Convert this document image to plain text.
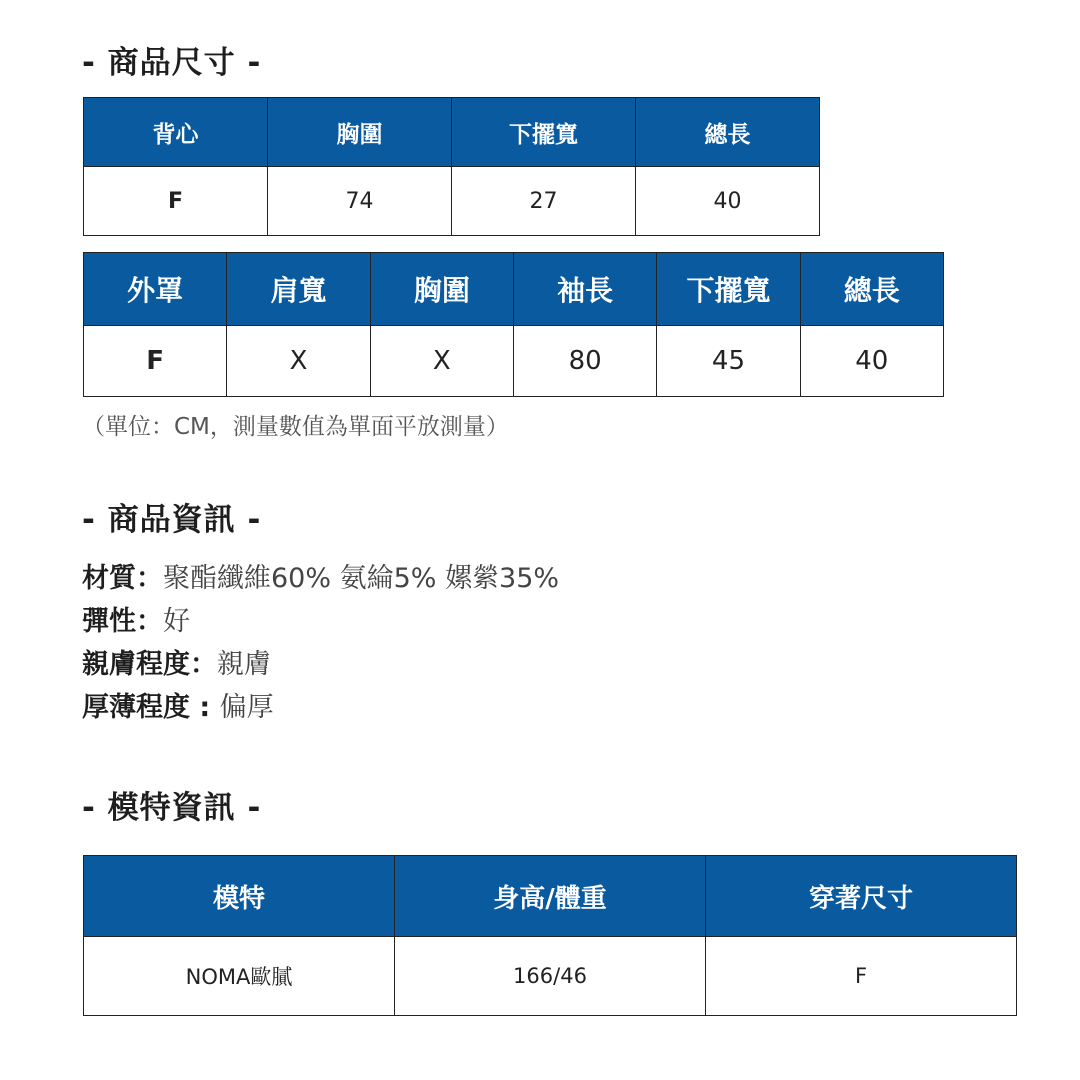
- 商品尺寸 -
背心	胸圍	下擺寬	總長
F	74	27	40
外罩	肩寬	胸圍	袖長	下擺寬	總長
F	X	X	80	45	40

（單位：CM，測量數值為單面平放測量）

- 商品資訊 -
材質：聚酯纖維60% 氨綸5% 嫘縈35%
彈性：好
親膚程度：親膚
厚薄程度 : 偏厚
- 模特資訊 -
模特	身高/體重	穿著尺寸
NOMA歐膩	166/46	F
